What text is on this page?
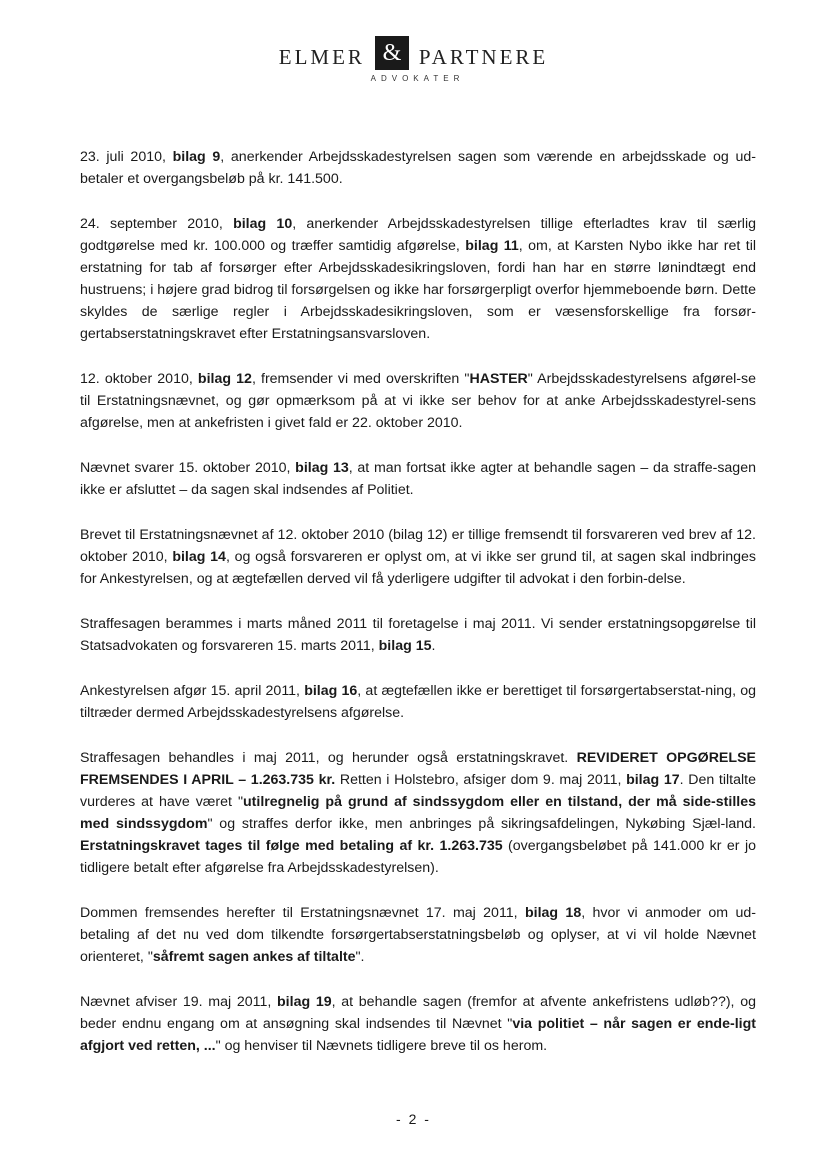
ELMER & PARTNERE
ADVOKATER

23. juli 2010, bilag 9, anerkender Arbejdsskadestyrelsen sagen som værende en arbejdsskade og ud-betaler et overgangsbeløb på kr. 141.500.

24. september 2010, bilag 10, anerkender Arbejdsskadestyrelsen tillige efterladtes krav til særlig godtgørelse med kr. 100.000 og træffer samtidig afgørelse, bilag 11, om, at Karsten Nybo ikke har ret til erstatning for tab af forsørger efter Arbejdsskadesikringsloven, fordi han har en større lønindtægt end hustruens; i højere grad bidrog til forsørgelsen og ikke har forsørgerpligt overfor hjemmeboende børn. Dette skyldes de særlige regler i Arbejdsskadesikringsloven, som er væsensforskellige fra forsør-gertabserstatningskravet efter Erstatningsansvarsloven.

12. oktober 2010, bilag 12, fremsender vi med overskriften "HASTER" Arbejdsskadestyrelsens afgørel-se til Erstatningsnævnet, og gør opmærksom på at vi ikke ser behov for at anke Arbejdsskadestyrel-sens afgørelse, men at ankefristen i givet fald er 22. oktober 2010.

Nævnet svarer 15. oktober 2010, bilag 13, at man fortsat ikke agter at behandle sagen – da straffe-sagen ikke er afsluttet – da sagen skal indsendes af Politiet.

Brevet til Erstatningsnævnet af 12. oktober 2010 (bilag 12) er tillige fremsendt til forsvareren ved brev af 12. oktober 2010, bilag 14, og også forsvareren er oplyst om, at vi ikke ser grund til, at sagen skal indbringes for Ankestyrelsen, og at ægtefællen derved vil få yderligere udgifter til advokat i den forbin-delse.

Straffesagen berammes i marts måned 2011 til foretagelse i maj 2011. Vi sender erstatningsopgørelse til Statsadvokaten og forsvareren 15. marts 2011, bilag 15.

Ankestyrelsen afgør 15. april 2011, bilag 16, at ægtefællen ikke er berettiget til forsørgertabserstat-ning, og tiltræder dermed Arbejdsskadestyrelsens afgørelse.

Straffesagen behandles i maj 2011, og herunder også erstatningskravet. REVIDERET OPGØRELSE FREMSENDES I APRIL – 1.263.735 kr. Retten i Holstebro, afsiger dom 9. maj 2011, bilag 17. Den tiltalte vurderes at have været "utilregnelig på grund af sindssygdom eller en tilstand, der må side-stilles med sindssygdom" og straffes derfor ikke, men anbringes på sikringsafdelingen, Nykøbing Sjæl-land. Erstatningskravet tages til følge med betaling af kr. 1.263.735 (overgangsbeløbet på 141.000 kr er jo tidligere betalt efter afgørelse fra Arbejdsskadestyrelsen).

Dommen fremsendes herefter til Erstatningsnævnet 17. maj 2011, bilag 18, hvor vi anmoder om ud-betaling af det nu ved dom tilkendte forsørgertabserstatningsbeløb og oplyser, at vi vil holde Nævnet orienteret, "såfremt sagen ankes af tiltalte".

Nævnet afviser 19. maj 2011, bilag 19, at behandle sagen (fremfor at afvente ankefristens udløb??), og beder endnu engang om at ansøgning skal indsendes til Nævnet "via politiet – når sagen er ende-ligt afgjort ved retten, ..." og henviser til Nævnets tidligere breve til os herom.

- 2 -
